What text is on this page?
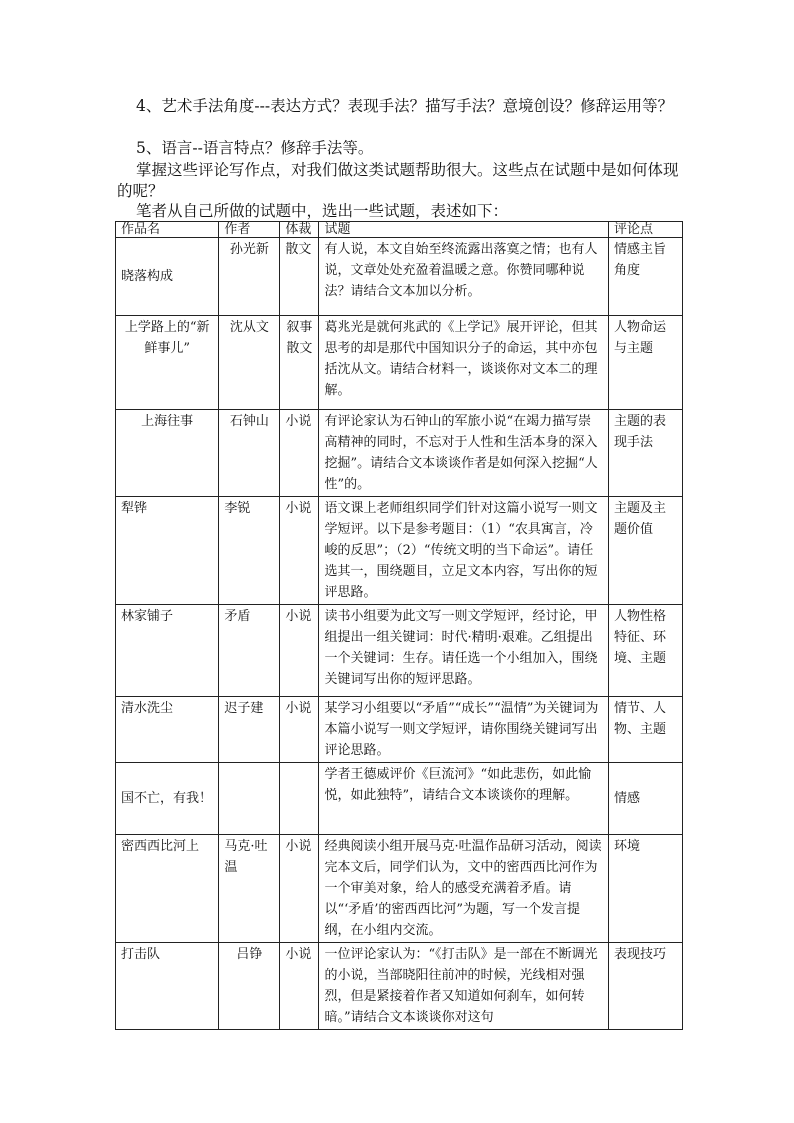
4、艺术手法角度---表达方式？表现手法？描写手法？意境创设？修辞运用等？

5、语言--语言特点？修辞手法等。

掌握这些评论写作点，对我们做这类试题帮助很大。这些点在试题中是如何体现的呢？

笔者从自己所做的试题中，选出一些试题，表述如下：

作品名	作者	体裁	试题	评论点
晓落构成	孙光新	散文	有人说，本文自始至终流露出落寞之情；也有人说，文章处处充盈着温暖之意。你赞同哪种说法？请结合文本加以分析。	情感主旨角度
上学路上的“新鲜事儿”	沈从文	叙事散文	葛兆光是就何兆武的《上学记》展开评论，但其思考的却是那代中国知识分子的命运，其中亦包括沈从文。请结合材料一，谈谈你对文本二的理解。	人物命运与主题
上海往事	石钟山	小说	有评论家认为石钟山的军旅小说“在竭力描写崇高精神的同时，不忘对于人性和生活本身的深入挖掘”。请结合文本谈谈作者是如何深入挖掘“人性”的。	主题的表现手法
犁铧	李锐	小说	语文课上老师组织同学们针对这篇小说写一则文学短评。以下是参考题目：（1）“农具寓言，冷峻的反思”；（2）“传统文明的当下命运”。请任选其一，围绕题目，立足文本内容，写出你的短评思路。	主题及主题价值
林家铺子	矛盾	小说	读书小组要为此文写一则文学短评，经讨论，甲组提出一组关键词：时代·精明·艰难。乙组提出一个关键词：生存。请任选一个小组加入，围绕关键词写出你的短评思路。	人物性格特征、环境、主题
清水洗尘	迟子建	小说	某学习小组要以“矛盾”“成长”“温情”为关键词为本篇小说写一则文学短评，请你围绕关键词写出评论思路。	情节、人物、主题
国不亡，有我！			学者王德威评价《巨流河》“如此悲伤，如此愉悦，如此独特”，请结合文本谈谈你的理解。	情感
密西西比河上	马克·吐温	小说	经典阅读小组开展马克·吐温作品研习活动，阅读完本文后，同学们认为，文中的密西西比河作为一个审美对象，给人的感受充满着矛盾。请以“‘矛盾’的密西西比河”为题，写一个发言提纲，在小组内交流。	环境
打击队	吕铮	小说	一位评论家认为：“《打击队》是一部在不断调光的小说，当部晓阳往前冲的时候，光线相对强烈，但是紧接着作者又知道如何刹车，如何转暗。”请结合文本谈谈你对这句	表现技巧
